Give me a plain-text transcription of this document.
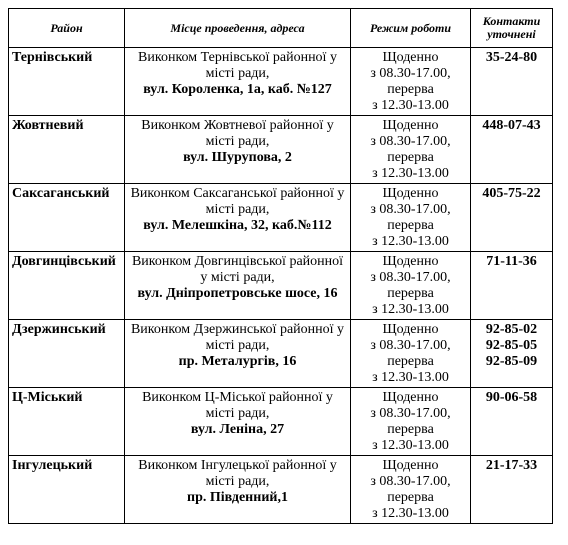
Район	Місце проведення, адреса	Режим роботи	Контакти уточнені
Тернівський	Виконком Тернівської районної у місті ради,
вул. Короленка, 1а, каб. №127	Щоденно
з 08.30-17.00,
перерва
з 12.30-13.00	35-24-80

Жовтневий	Виконком Жовтневої районної у місті ради,
вул. Шурупова, 2	Щоденно
з 08.30-17.00,
перерва
з 12.30-13.00	448-07-43

Саксаганський	Виконком Саксаганської районної у місті ради,
вул. Мелешкіна, 32, каб.№112	Щоденно
з 08.30-17.00,
перерва
з 12.30-13.00	405-75-22

Довгинцівський	Виконком Довгинцівської районної у місті ради,
вул. Дніпропетровське шосе, 16	Щоденно
з 08.30-17.00,
перерва
з 12.30-13.00	71-11-36

Дзержинський	Виконком Дзержинської районної у місті ради,
пр. Металургів, 16	Щоденно
з 08.30-17.00,
перерва
з 12.30-13.00	92-85-02
92-85-05
92-85-09

Ц-Міський	Виконком Ц-Міської районної у місті ради,
вул. Леніна, 27	Щоденно
з 08.30-17.00,
перерва
з 12.30-13.00	90-06-58

Інгулецький	Виконком Інгулецької районної у місті ради,
пр. Південний,1	Щоденно
з 08.30-17.00,
перерва
з 12.30-13.00	21-17-33
